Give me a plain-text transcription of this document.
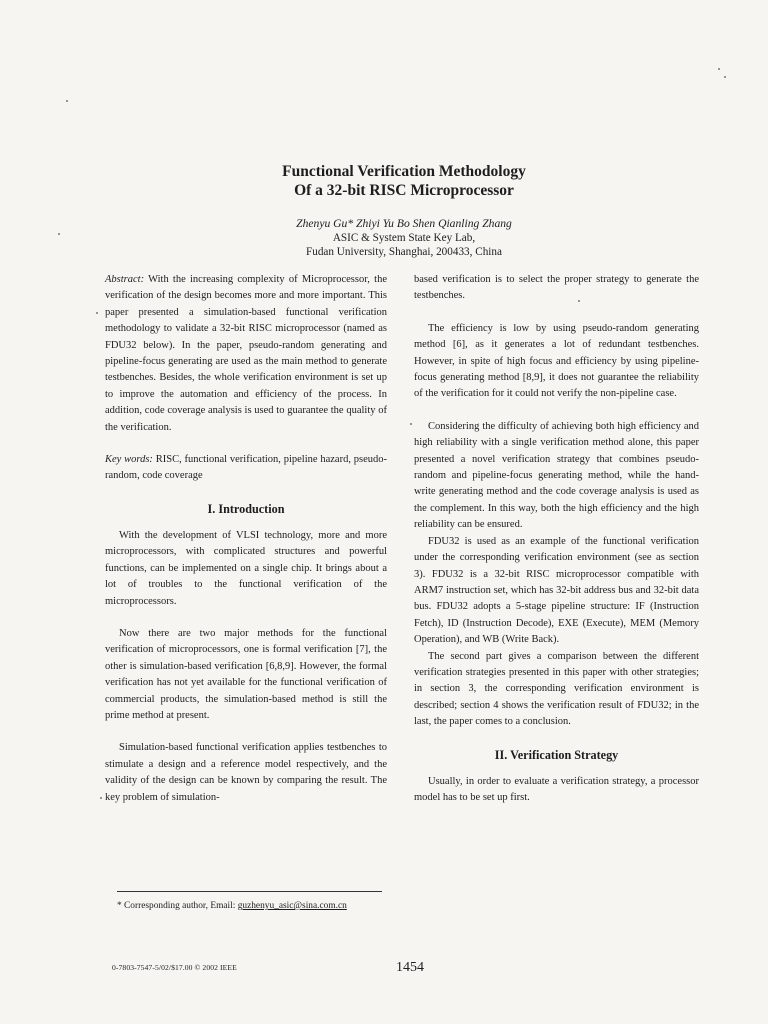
Functional Verification Methodology
Of a 32-bit RISC Microprocessor
Zhenyu Gu* Zhiyi Yu Bo Shen Qianling Zhang
ASIC & System State Key Lab,
Fudan University, Shanghai, 200433, China

Abstract: With the increasing complexity of Microprocessor, the verification of the design becomes more and more important. This paper presented a simulation-based functional verification methodology to validate a 32-bit RISC microprocessor (named as FDU32 below). In the paper, pseudo-random generating and pipeline-focus generating are used as the main method to generate testbenches. Besides, the whole verification environment is set up to improve the automation and efficiency of the process. In addition, code coverage analysis is used to guarantee the quality of the verification.

Key words: RISC, functional verification, pipeline hazard, pseudo-random, code coverage

I. Introduction

With the development of VLSI technology, more and more microprocessors, with complicated structures and powerful functions, can be implemented on a single chip. It brings about a lot of troubles to the functional verification of the microprocessors.

Now there are two major methods for the functional verification of microprocessors, one is formal verification [7], the other is simulation-based verification [6,8,9]. However, the formal verification has not yet available for the functional verification of commercial products, the simulation-based method is still the prime method at present.

Simulation-based functional verification applies testbenches to stimulate a design and a reference model respectively, and the validity of the design can be known by comparing the result. The key problem of simulation-

based verification is to select the proper strategy to generate the testbenches.

The efficiency is low by using pseudo-random generating method [6], as it generates a lot of redundant testbenches. However, in spite of high focus and efficiency by using pipeline-focus generating method [8,9], it does not guarantee the reliability of the verification for it could not verify the non-pipeline case.

Considering the difficulty of achieving both high efficiency and high reliability with a single verification method alone, this paper presented a novel verification strategy that combines pseudo-random and pipeline-focus generating method, while the hand-write generating method and the code coverage analysis is used as the complement. In this way, both the high efficiency and the high reliability can be ensured.

FDU32 is used as an example of the functional verification under the corresponding verification environment (see as section 3). FDU32 is a 32-bit RISC microprocessor compatible with ARM7 instruction set, which has 32-bit address bus and 32-bit data bus. FDU32 adopts a 5-stage pipeline structure: IF (Instruction Fetch), ID (Instruction Decode), EXE (Execute), MEM (Memory Operation), and WB (Write Back).

The second part gives a comparison between the different verification strategies presented in this paper with other strategies; in section 3, the corresponding verification environment is described; section 4 shows the verification result of FDU32; in the last, the paper comes to a conclusion.

II. Verification Strategy

Usually, in order to evaluate a verification strategy, a processor model has to be set up first.

* Corresponding author, Email: guzhenyu_asic@sina.com.cn
0-7803-7547-5/02/$17.00 © 2002 IEEE	1454
